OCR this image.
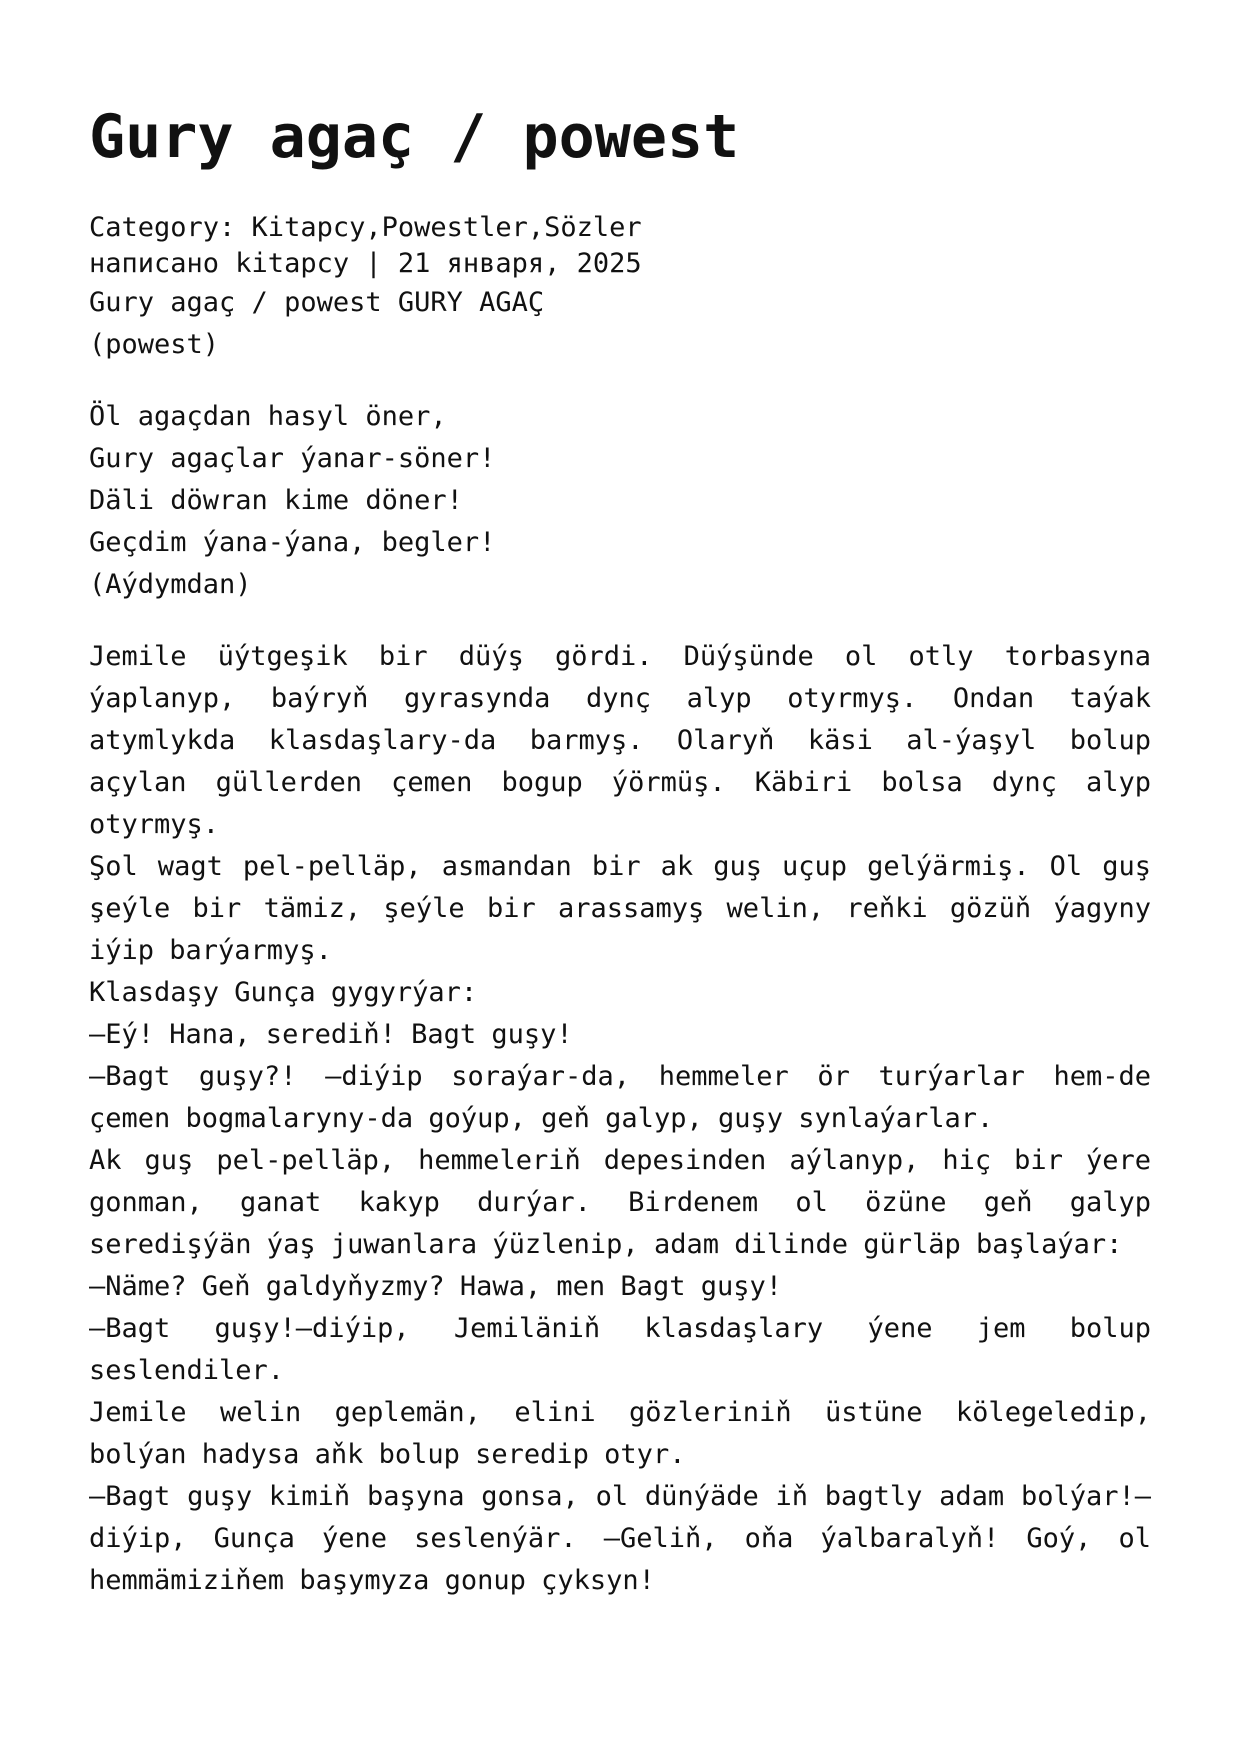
Gury agaç / powest
Category: Kitapcy,Powestler,Sözler
написано kitapcy | 21 января, 2025
Gury agaç / powest GURY AGAÇ
(powest)
Öl agaçdan hasyl öner,
Gury agaçlar ýanar-söner!
Däli döwran kime döner!
Geçdim ýana-ýana, begler!
(Aýdymdan)
Jemile üýtgeşik bir düýş gördi. Düýşünde ol otly torbasyna ýaplanyp, baýryň gyrasynda dynç alyp otyrmyş. Ondan taýak atymlykda klasdaşlary-da barmyş. Olaryň käsi al-ýaşyl bolup açylan güllerden çemen bogup ýörmüş. Käbiri bolsa dynç alyp otyrmyş.
Şol wagt pel-pelläp, asmandan bir ak guş uçup gelýärmiş. Ol guş şeýle bir tämiz, şeýle bir arassamyş welin, reňki gözüň ýagyny iýip barýarmyş.
Klasdaşy Gunça gygyrýar:
—Eý! Hana, serediň! Bagt guşy!
—Bagt guşy?! —diýip soraýar-da, hemmeler ör turýarlar hem-de çemen bogmalaryny-da goýup, geň galyp, guşy synlaýarlar.
Ak guş pel-pelläp, hemmeleriň depesinden aýlanyp, hiç bir ýere gonman, ganat kakyp durýar. Birdenem ol özüne geň galyp seredişýän ýaş juwanlara ýüzlenip, adam dilinde gürläp başlaýar:
—Näme? Geň galdyňyzmy? Hawa, men Bagt guşy!
—Bagt guşy!—diýip, Jemiläniň klasdaşlary ýene jem bolup seslendiler.
Jemile welin geplemän, elini gözleriniň üstüne kölegeledip, bolýan hadysa aňk bolup seredip otyr.
—Bagt guşy kimiň başyna gonsa, ol dünýäde iň bagtly adam bolýar!—diýip, Gunça ýene seslenýär. —Geliň, oňa ýalbaralyň! Goý, ol hemmämiziňem başymyza gonup çyksyn!
